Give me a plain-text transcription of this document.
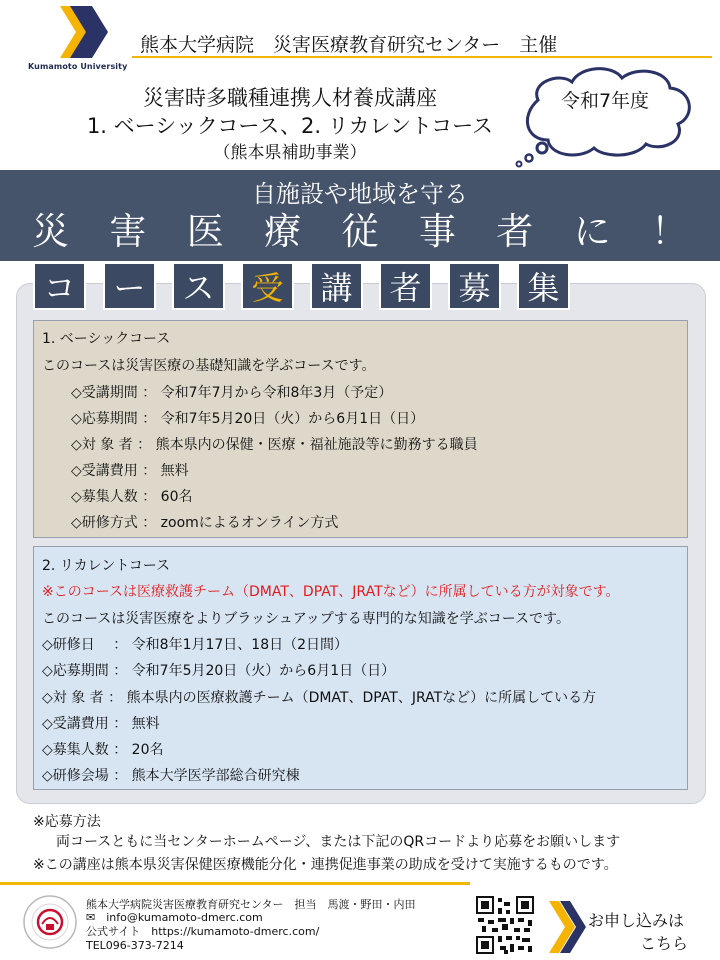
Kumamoto University
熊本大学病院　災害医療教育研究センター　主催
災害時多職種連携人材養成講座
1. ベーシックコース、2. リカレントコース
（熊本県補助事業）
令和7年度
自施設や地域を守る
災 害 医 療 従 事 者 に ！
コ	ー	ス	受	講	者	募	集
1. ベーシックコース
このコースは災害医療の基礎知識を学ぶコースです。
◇受講期間 ： 令和7年7月から令和8年3月（予定）
◇応募期間 ： 令和7年5月20日（火）から6月1日（日）
◇対 象 者 ： 熊本県内の保健・医療・福祉施設等に勤務する職員
◇受講費用 ： 無料
◇募集人数 ： 60名
◇研修方式 ： zoomによるオンライン方式
2. リカレントコース
※このコースは医療救護チーム（DMAT、DPAT、JRATなど）に所属している方が対象です。
このコースは災害医療をよりブラッシュアップする専門的な知識を学ぶコースです。
◇研修日　 ： 令和8年1月17日、18日（2日間）
◇応募期間 ： 令和7年5月20日（火）から6月1日（日）
◇対 象 者 ： 熊本県内の医療救護チーム（DMAT、DPAT、JRATなど）に所属している方
◇受講費用 ： 無料
◇募集人数 ： 20名
◇研修会場 ： 熊本大学医学部総合研究棟
※応募方法
両コースともに当センターホームページ、または下記のQRコードより応募をお願いします
※この講座は熊本県災害保健医療機能分化・連携促進事業の助成を受けて実施するものです。
熊本大学病院災害医療教育研究センター　担当　馬渡・野田・内田
✉　info@kumamoto-dmerc.com
公式サイト　https://kumamoto-dmerc.com/
TEL096-373-7214
お申し込みは
こちら
